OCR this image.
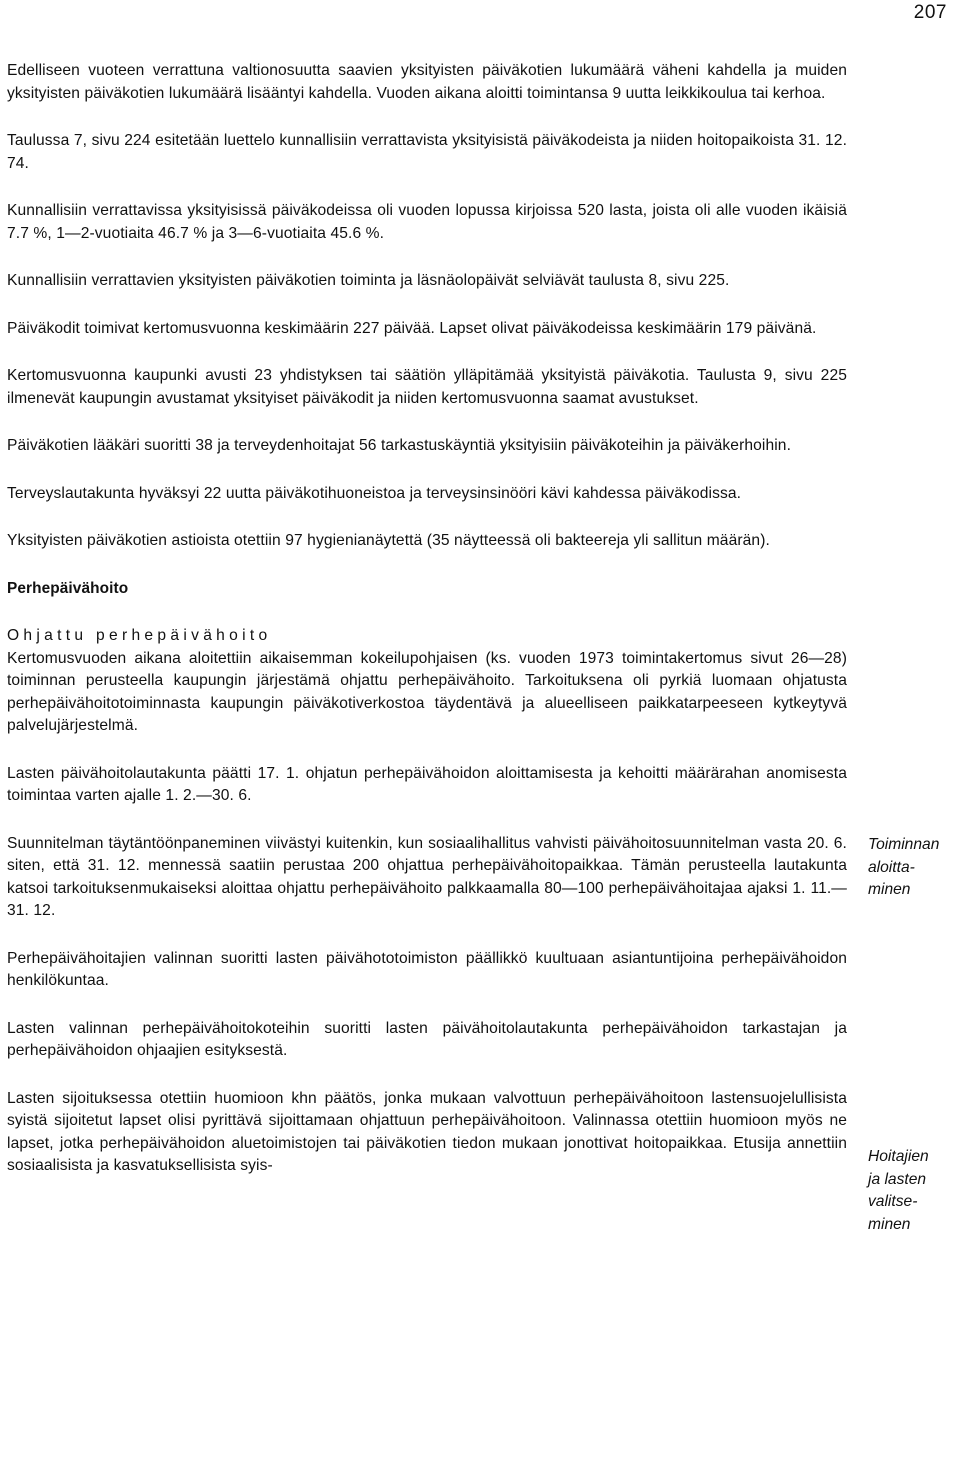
207

Edelliseen vuoteen verrattuna valtionosuutta saavien yksityisten päiväkotien lukumäärä väheni kahdella ja muiden yksityisten päiväkotien lukumäärä lisääntyi kahdella. Vuoden aikana aloitti toimintansa 9 uutta leikkikoulua tai kerhoa.

Taulussa 7, sivu 224 esitetään luettelo kunnallisiin verrattavista yksityisistä päiväkodeista ja niiden hoitopaikoista 31. 12. 74.

Kunnallisiin verrattavissa yksityisissä päiväkodeissa oli vuoden lopussa kirjoissa 520 lasta, joista oli alle vuoden ikäisiä 7.7 %, 1—2-vuotiaita 46.7 % ja 3—6-vuotiaita 45.6 %.

Kunnallisiin verrattavien yksityisten päiväkotien toiminta ja läsnäolopäivät selviävät taulusta 8, sivu 225.

Päiväkodit toimivat kertomusvuonna keskimäärin 227 päivää. Lapset olivat päiväkodeissa keskimäärin 179 päivänä.

Kertomusvuonna kaupunki avusti 23 yhdistyksen tai säätiön ylläpitämää yksityistä päiväkotia. Taulusta 9, sivu 225 ilmenevät kaupungin avustamat yksityiset päiväkodit ja niiden kertomusvuonna saamat avustukset.

Päiväkotien lääkäri suoritti 38 ja terveydenhoitajat 56 tarkastuskäyntiä yksityisiin päiväkoteihin ja päiväkerhoihin.

Terveyslautakunta hyväksyi 22 uutta päiväkotihuoneistoa ja terveysinsinööri kävi kahdessa päiväkodissa.

Yksityisten päiväkotien astioista otettiin 97 hygienianäytettä (35 näytteessä oli bakteereja yli sallitun määrän).

Perhepäivähoito

Ohjattu perhepäivähoito

Kertomusvuoden aikana aloitettiin aikaisemman kokeilupohjaisen (ks. vuoden 1973 toimintakertomus sivut 26—28) toiminnan perusteella kaupungin järjestämä ohjattu perhepäivähoito. Tarkoituksena oli pyrkiä luomaan ohjatusta perhepäivähoitotoiminnasta kaupungin päiväkotiverkostoa täydentävä ja alueelliseen paikkatarpeeseen kytkeytyvä palvelujärjestelmä.

Lasten päivähoitolautakunta päätti 17. 1. ohjatun perhepäivähoidon aloittamisesta ja kehoitti määrärahan anomisesta toimintaa varten ajalle 1. 2.—30. 6.

Suunnitelman täytäntöönpaneminen viivästyi kuitenkin, kun sosiaalihallitus vahvisti päivähoitosuunnitelman vasta 20. 6. siten, että 31. 12. mennessä saatiin perustaa 200 ohjattua perhepäivähoitopaikkaa. Tämän perusteella lautakunta katsoi tarkoituksenmukaiseksi aloittaa ohjattu perhepäivähoito palkkaamalla 80—100 perhepäivähoitajaa ajaksi 1. 11.—31. 12.

Perhepäivähoitajien valinnan suoritti lasten päivähototoimiston päällikkö kuultuaan asiantuntijoina perhepäivähoidon henkilökuntaa.

Lasten valinnan perhepäivähoitokoteihin suoritti lasten päivähoitolautakunta perhepäivähoidon tarkastajan ja perhepäivähoidon ohjaajien esityksestä.

Lasten sijoituksessa otettiin huomioon khn päätös, jonka mukaan valvottuun perhepäivähoitoon lastensuojelullisista syistä sijoitetut lapset olisi pyrittävä sijoittamaan ohjattuun perhepäivähoitoon. Valinnassa otettiin huomioon myös ne lapset, jotka perhepäivähoidon aluetoimistojen tai päiväkotien tiedon mukaan jonottivat hoitopaikkaa. Etusija annettiin sosiaalisista ja kasvatuksellisista syis-

Toiminnan
aloitta-
minen
Hoitajien
ja lasten
valitse-
minen
